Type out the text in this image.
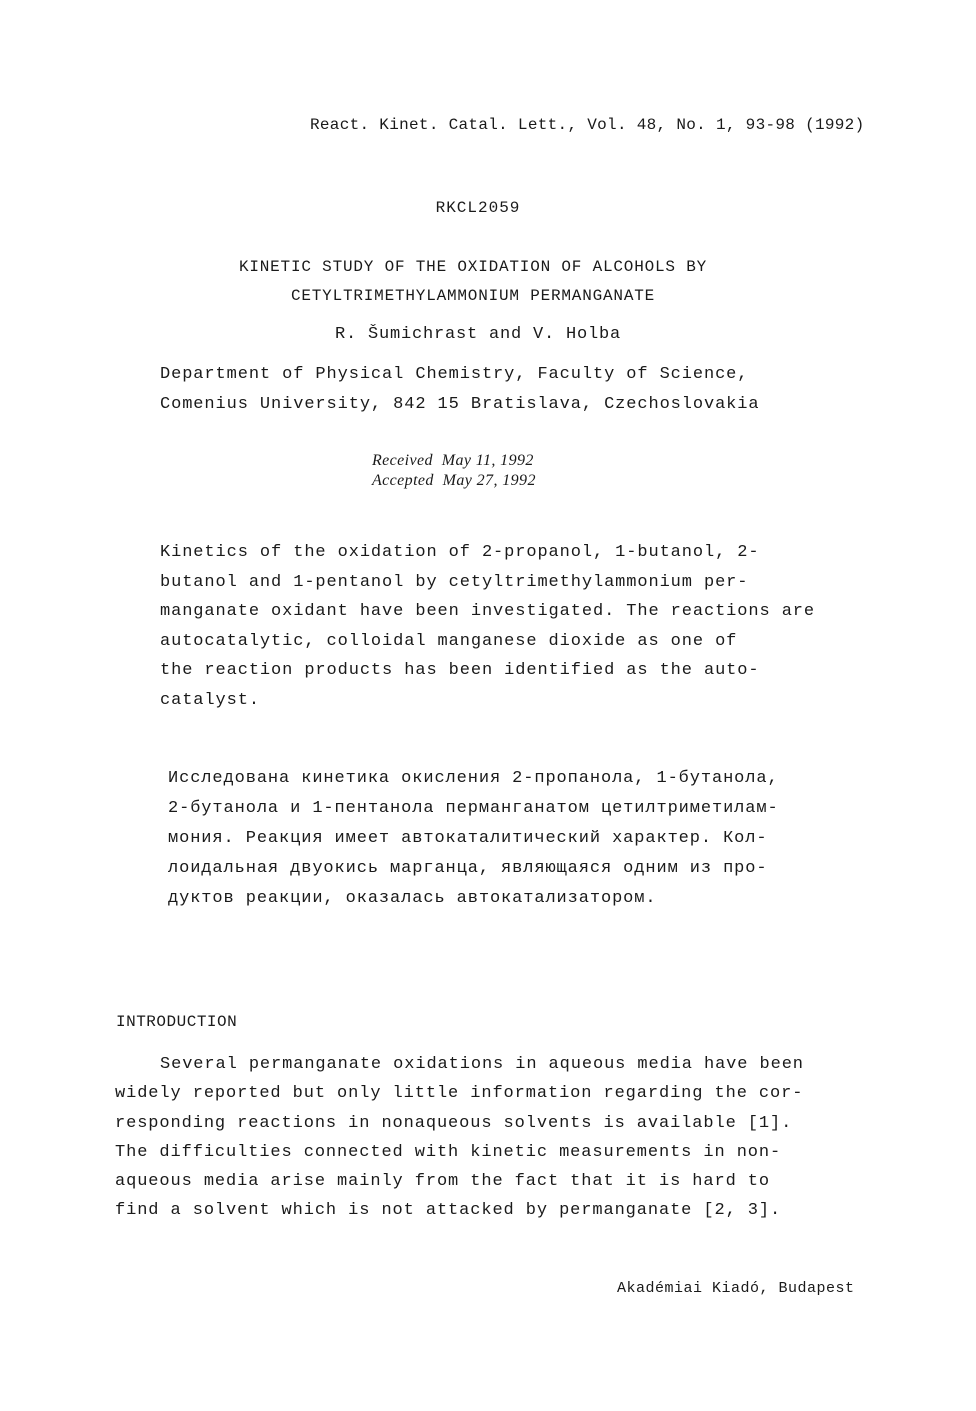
React. Kinet. Catal. Lett., Vol. 48, No. 1, 93-98 (1992)

RKCL2059

KINETIC STUDY OF THE OXIDATION OF ALCOHOLS BY

CETYLTRIMETHYLAMMONIUM PERMANGANATE

R. Šumichrast and V. Holba

Department of Physical Chemistry, Faculty of Science,

Comenius University, 842 15 Bratislava, Czechoslovakia

Received  May 11, 1992

Accepted  May 27, 1992

Kinetics of the oxidation of 2-propanol, 1-butanol, 2-
butanol and 1-pentanol by cetyltrimethylammonium per-
manganate oxidant have been investigated. The reactions are
autocatalytic, colloidal manganese dioxide as one of
the reaction products has been identified as the auto-
catalyst.
Исследована кинетика окисления 2-пропанола, 1-бутанола,
2-бутанола и 1-пентанола перманганатом цетилтриметилам-
мония. Реакция имеет автокаталитический характер. Кол-
лоидальная двуокись марганца, являющаяся одним из про-
дуктов реакции, оказалась автокатализатором.

INTRODUCTION

Several permanganate oxidations in aqueous media have been
widely reported but only little information regarding the cor-
responding reactions in nonaqueous solvents is available [1].
The difficulties connected with kinetic measurements in non-
aqueous media arise mainly from the fact that it is hard to
find a solvent which is not attacked by permanganate [2, 3].

Akadémiai Kiadó, Budapest
